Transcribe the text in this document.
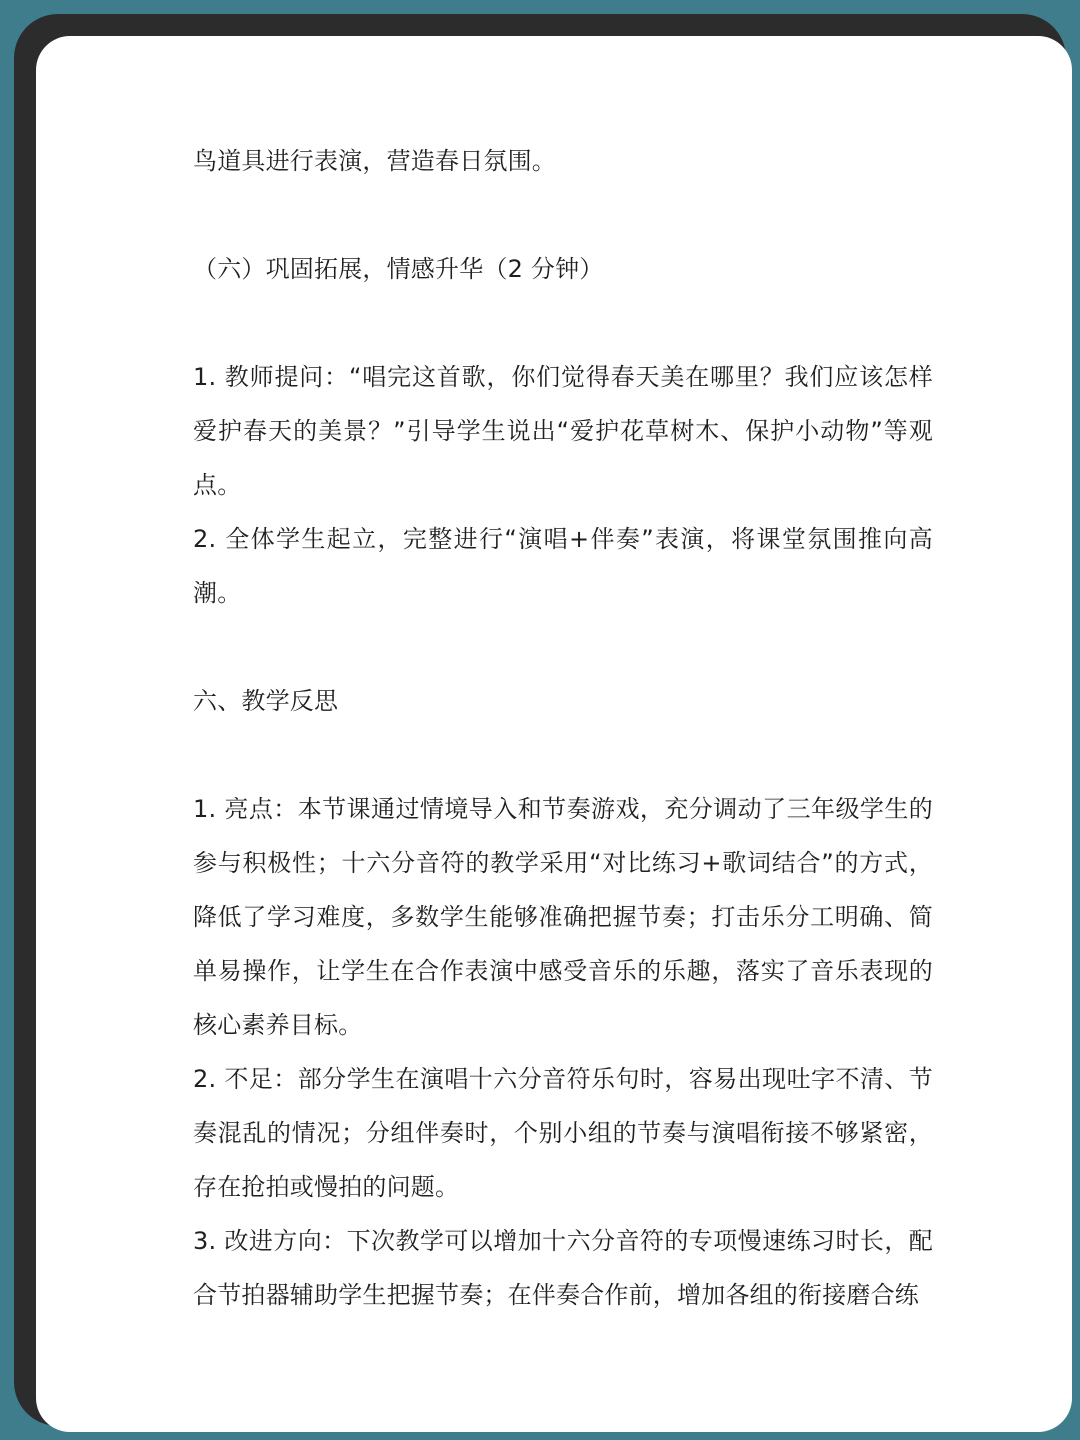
鸟道具进行表演，营造春日氛围。

（六）巩固拓展，情感升华（2 分钟）

1. 教师提问：“唱完这首歌，你们觉得春天美在哪里？我们应该怎样爱护春天的美景？”引导学生说出“爱护花草树木、保护小动物”等观点。

2. 全体学生起立，完整进行“演唱+伴奏”表演，将课堂氛围推向高潮。

六、教学反思

1. 亮点：本节课通过情境导入和节奏游戏，充分调动了三年级学生的参与积极性；十六分音符的教学采用“对比练习+歌词结合”的方式，降低了学习难度，多数学生能够准确把握节奏；打击乐分工明确、简单易操作，让学生在合作表演中感受音乐的乐趣，落实了音乐表现的核心素养目标。

2. 不足：部分学生在演唱十六分音符乐句时，容易出现吐字不清、节奏混乱的情况；分组伴奏时，个别小组的节奏与演唱衔接不够紧密，存在抢拍或慢拍的问题。

3. 改进方向：下次教学可以增加十六分音符的专项慢速练习时长，配合节拍器辅助学生把握节奏；在伴奏合作前，增加各组的衔接磨合练
